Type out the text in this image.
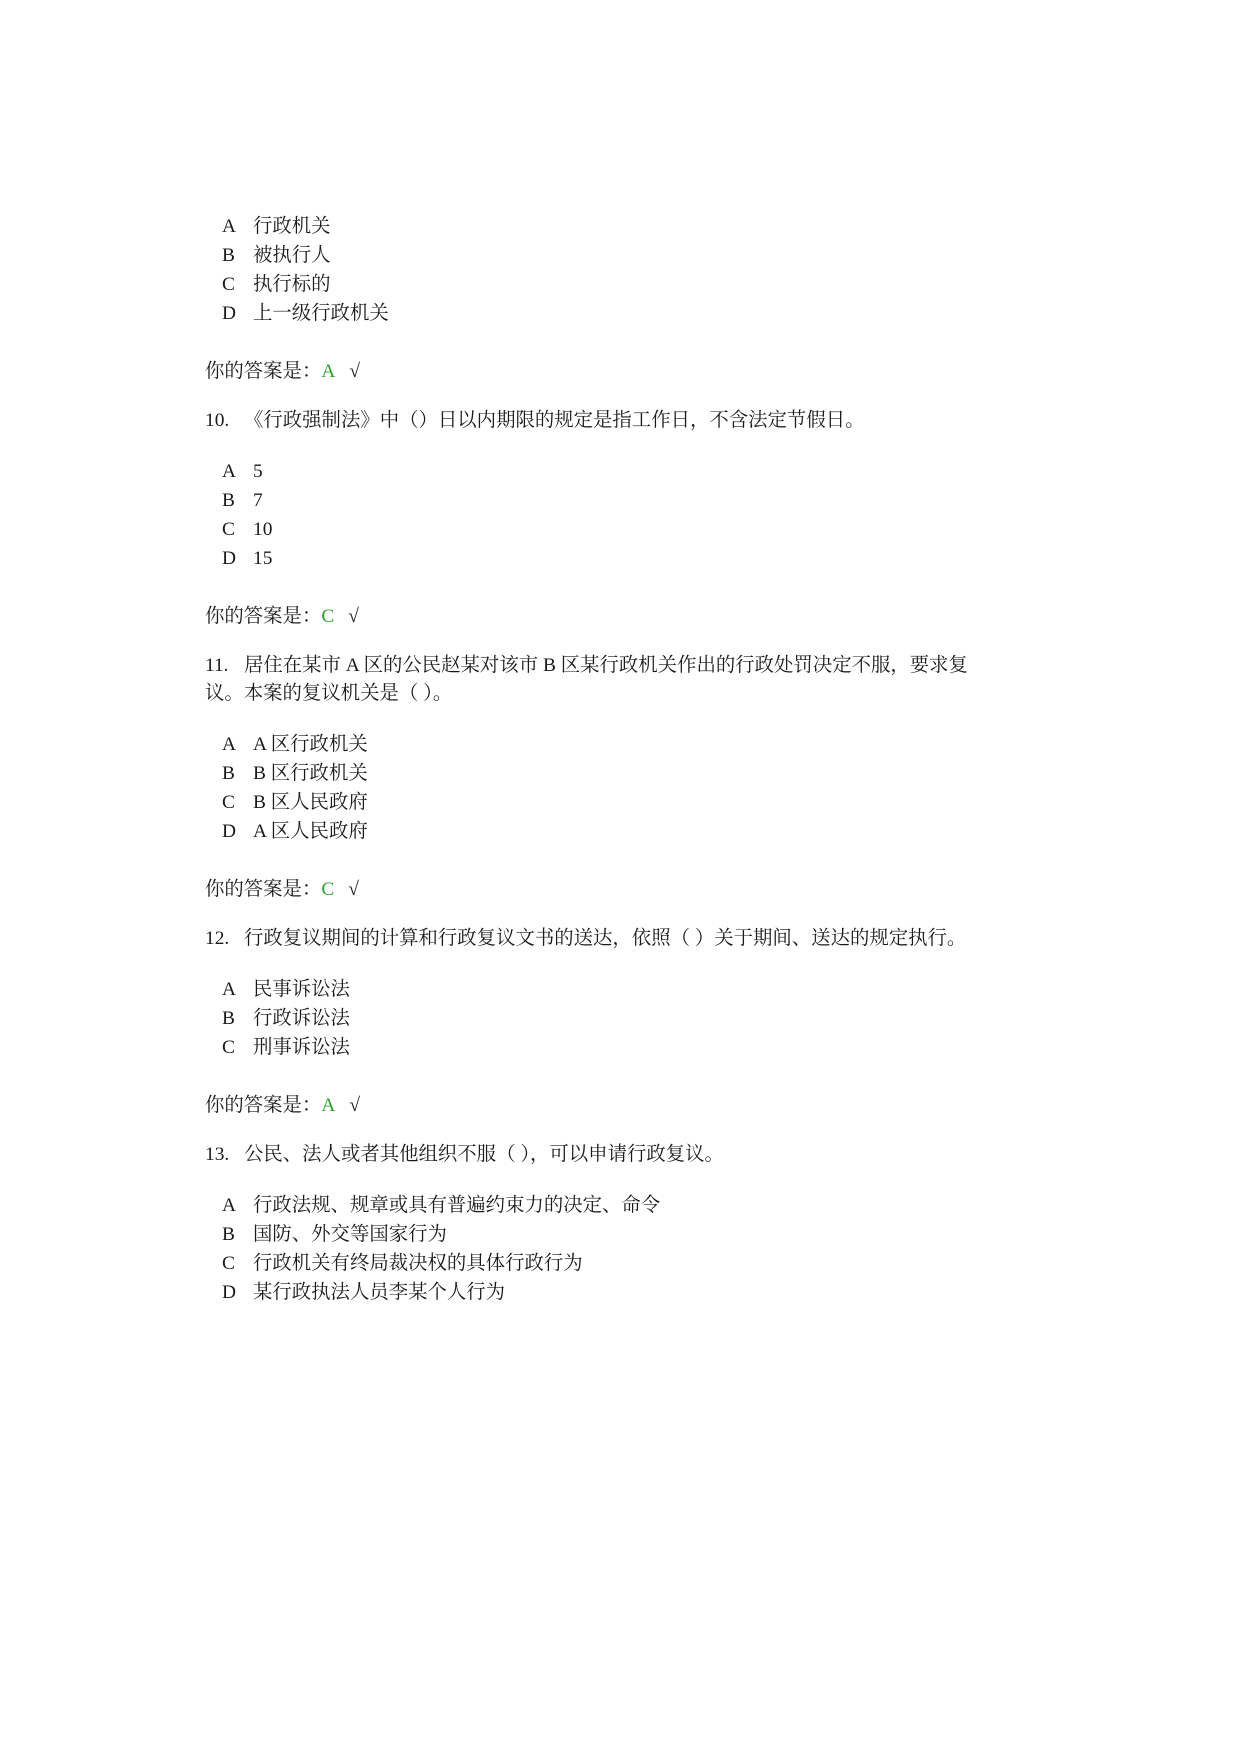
A 行政机关
B 被执行人
C 执行标的
D 上一级行政机关
你的答案是：A √
10. 《行政强制法》中（）日以内期限的规定是指工作日，不含法定节假日。
A 5
B 7
C 10
D 15
你的答案是：C √
11. 居住在某市 A 区的公民赵某对该市 B 区某行政机关作出的行政处罚决定不服，要求复议。本案的复议机关是（ ）。
A A 区行政机关
B B 区行政机关
C B 区人民政府
D A 区人民政府
你的答案是：C √
12. 行政复议期间的计算和行政复议文书的送达，依照（ ）关于期间、送达的规定执行。
A 民事诉讼法
B 行政诉讼法
C 刑事诉讼法
你的答案是：A √
13. 公民、法人或者其他组织不服（ ），可以申请行政复议。
A 行政法规、规章或具有普遍约束力的决定、命令
B 国防、外交等国家行为
C 行政机关有终局裁决权的具体行政行为
D 某行政执法人员李某个人行为
